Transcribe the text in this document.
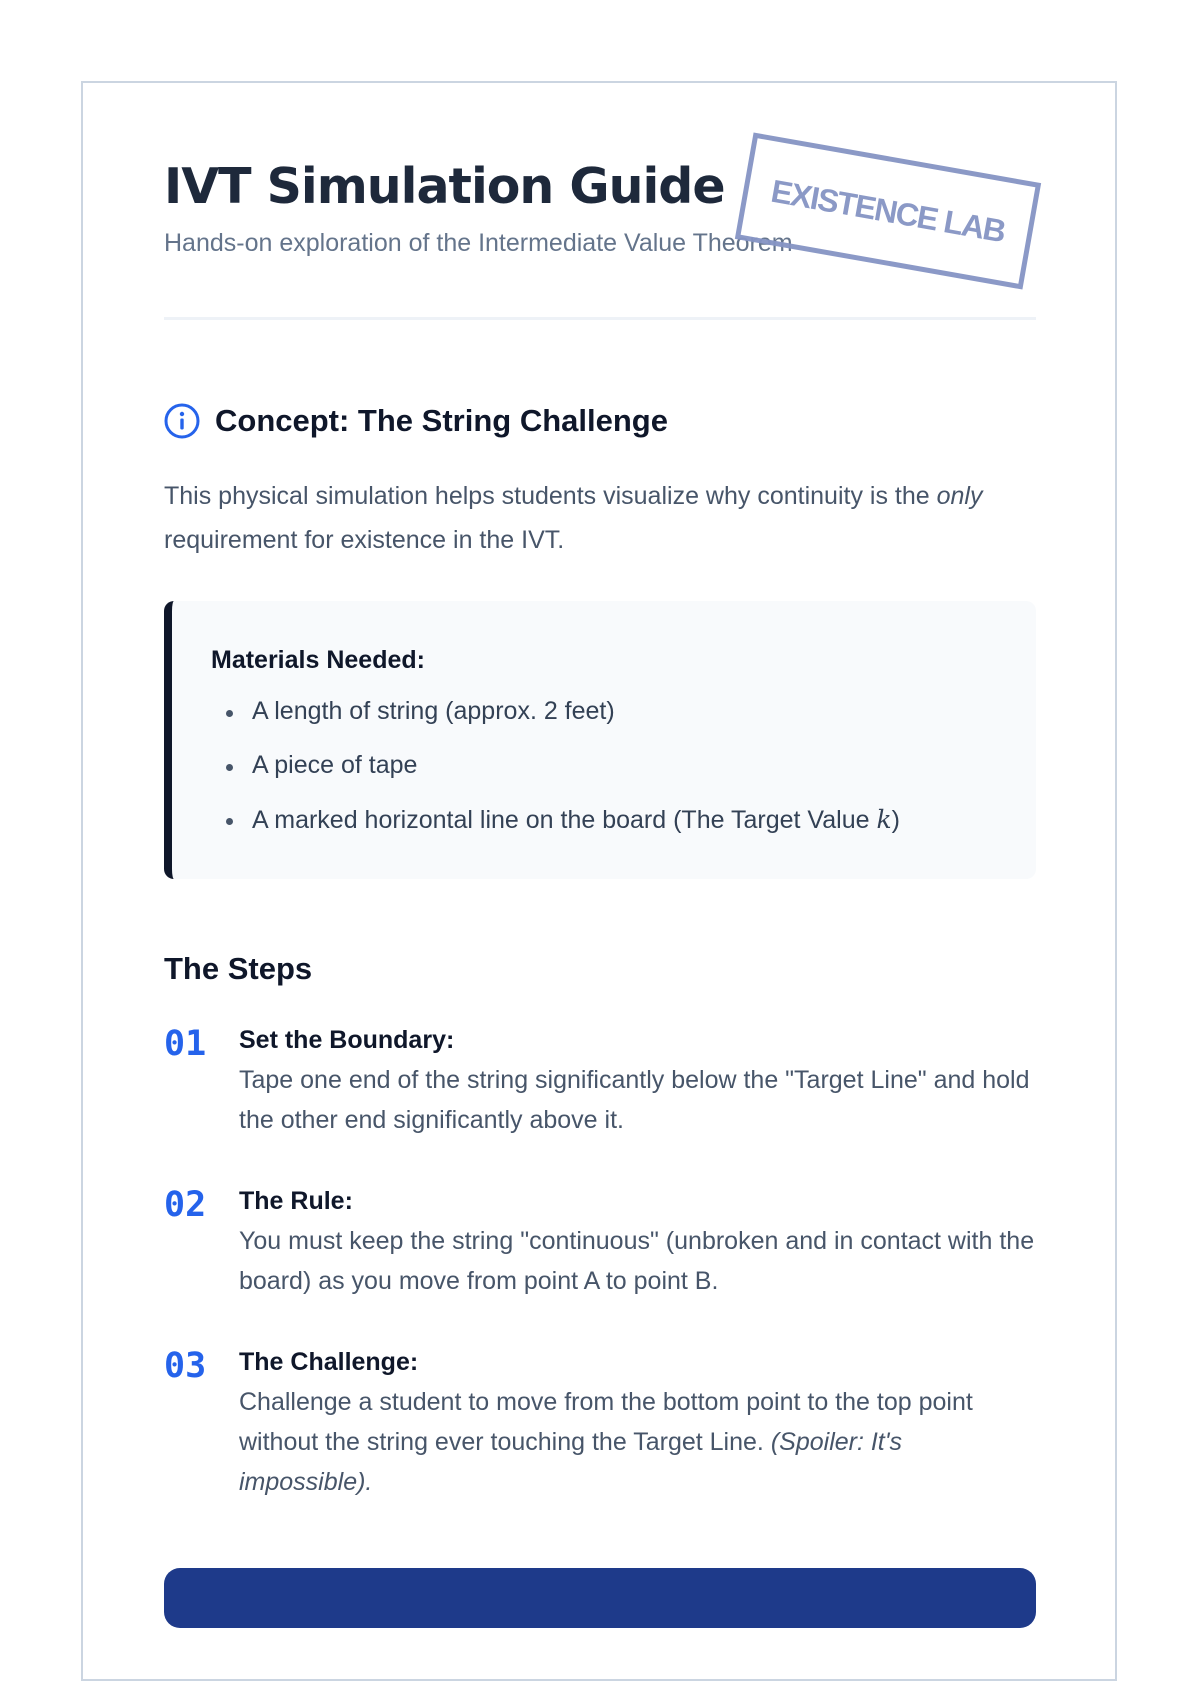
IVT Simulation Guide
Hands-on exploration of the Intermediate Value Theorem
EXISTENCE LAB
Concept: The String Challenge
This physical simulation helps students visualize why continuity is the only requirement for existence in the IVT.
Materials Needed:
A length of string (approx. 2 feet)
A piece of tape
A marked horizontal line on the board (The Target Value k)
The Steps
01 Set the Boundary:
Tape one end of the string significantly below the "Target Line" and hold the other end significantly above it.
02 The Rule:
You must keep the string "continuous" (unbroken and in contact with the board) as you move from point A to point B.
03 The Challenge:
Challenge a student to move from the bottom point to the top point without the string ever touching the Target Line. (Spoiler: It's impossible).
